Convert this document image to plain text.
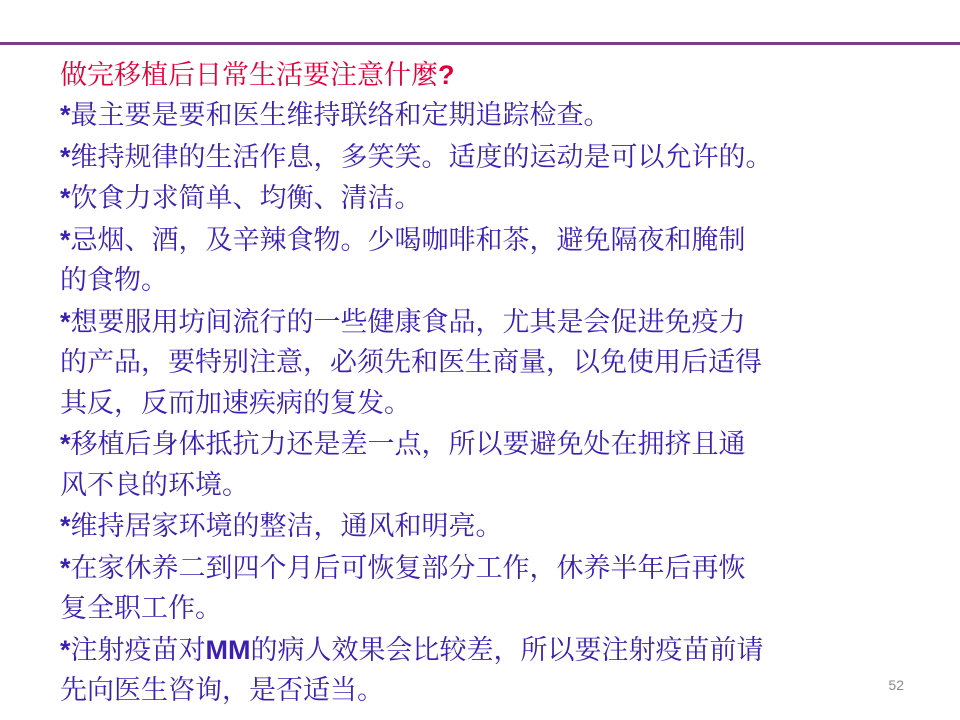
做完移植后日常生活要注意什麼?

*最主要是要和医生维持联络和定期追踪检查。
*维持规律的生活作息，多笑笑。适度的运动是可以允许的。
*饮食力求简单、均衡、清洁。
*忌烟、酒，及辛辣食物。少喝咖啡和茶，避免隔夜和腌制
的食物。
*想要服用坊间流行的一些健康食品，尤其是会促进免疫力
的产品，要特别注意，必须先和医生商量，以免使用后适得
其反，反而加速疾病的复发。
*移植后身体抵抗力还是差一点，所以要避免处在拥挤且通
风不良的环境。
*维持居家环境的整洁，通风和明亮。
*在家休养二到四个月后可恢复部分工作，休养半年后再恢
复全职工作。
*注射疫苗对MM的病人效果会比较差，所以要注射疫苗前请
先向医生咨询，是否适当。	52
